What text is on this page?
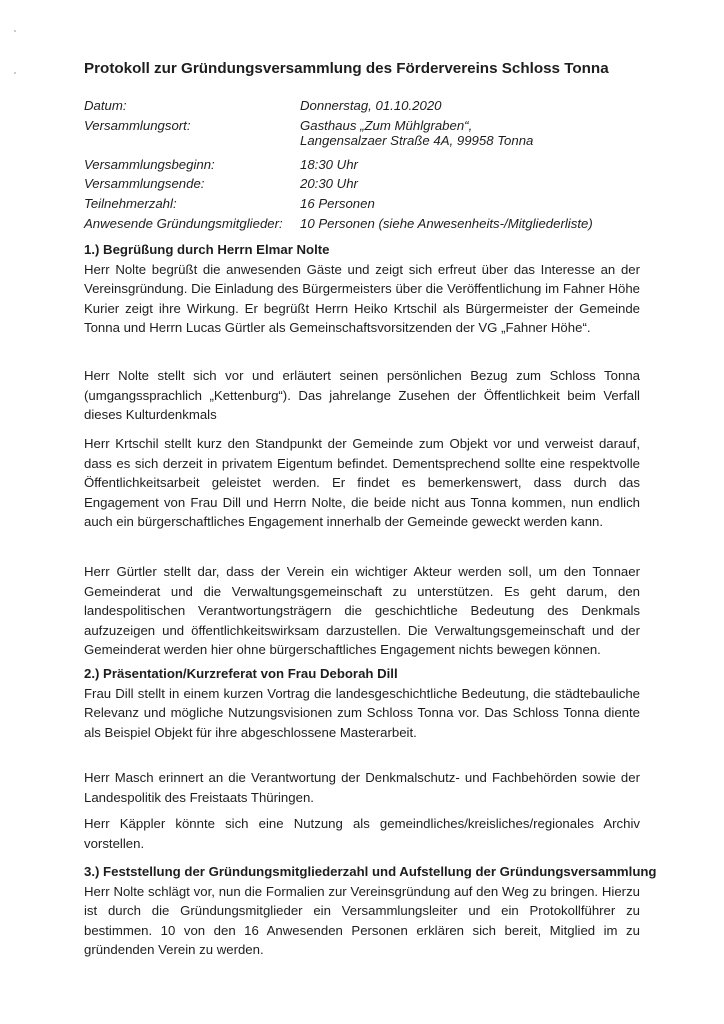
Protokoll zur Gründungsversammlung des Fördervereins Schloss Tonna
Datum:	Donnerstag, 01.10.2020
Versammlungsort:	Gasthaus „Zum Mühlgraben“,
Langensalzaer Straße 4A, 99958 Tonna
Versammlungsbeginn:	18:30 Uhr
Versammlungsende:	20:30 Uhr
Teilnehmerzahl:	16 Personen
Anwesende Gründungsmitglieder: 10 Personen (siehe Anwesenheits-/Mitgliederliste)
1.) Begrüßung durch Herrn Elmar Nolte

Herr Nolte begrüßt die anwesenden Gäste und zeigt sich erfreut über das Interesse an der Vereinsgründung. Die Einladung des Bürgermeisters über die Veröffentlichung im Fahner Höhe Kurier zeigt ihre Wirkung. Er begrüßt Herrn Heiko Krtschil als Bürgermeister der Gemeinde Tonna und Herrn Lucas Gürtler als Gemeinschaftsvorsitzenden der VG „Fahner Höhe“.

Herr Nolte stellt sich vor und erläutert seinen persönlichen Bezug zum Schloss Tonna (umgangssprachlich „Kettenburg“). Das jahrelange Zusehen der Öffentlichkeit beim Verfall dieses Kulturdenkmals

Herr Krtschil stellt kurz den Standpunkt der Gemeinde zum Objekt vor und verweist darauf, dass es sich derzeit in privatem Eigentum befindet. Dementsprechend sollte eine respektvolle Öffentlichkeitsarbeit geleistet werden. Er findet es bemerkenswert, dass durch das Engagement von Frau Dill und Herrn Nolte, die beide nicht aus Tonna kommen, nun endlich auch ein bürgerschaftliches Engagement innerhalb der Gemeinde geweckt werden kann.

Herr Gürtler stellt dar, dass der Verein ein wichtiger Akteur werden soll, um den Tonnaer Gemeinderat und die Verwaltungsgemeinschaft zu unterstützen. Es geht darum, den landespolitischen Verantwortungsträgern die geschichtliche Bedeutung des Denkmals aufzuzeigen und öffentlichkeitswirksam darzustellen. Die Verwaltungsgemeinschaft und der Gemeinderat werden hier ohne bürgerschaftliches Engagement nichts bewegen können.

2.) Präsentation/Kurzreferat von Frau Deborah Dill

Frau Dill stellt in einem kurzen Vortrag die landesgeschichtliche Bedeutung, die städtebauliche Relevanz und mögliche Nutzungsvisionen zum Schloss Tonna vor. Das Schloss Tonna diente als Beispiel Objekt für ihre abgeschlossene Masterarbeit.

Herr Masch erinnert an die Verantwortung der Denkmalschutz- und Fachbehörden sowie der Landespolitik des Freistaats Thüringen.

Herr Käppler könnte sich eine Nutzung als gemeindliches/kreisliches/regionales Archiv vorstellen.

3.) Feststellung der Gründungsmitgliederzahl und Aufstellung der Gründungsversammlung

Herr Nolte schlägt vor, nun die Formalien zur Vereinsgründung auf den Weg zu bringen. Hierzu ist durch die Gründungsmitglieder ein Versammlungsleiter und ein Protokollführer zu bestimmen. 10 von den 16 Anwesenden Personen erklären sich bereit, Mitglied im zu gründenden Verein zu werden.
